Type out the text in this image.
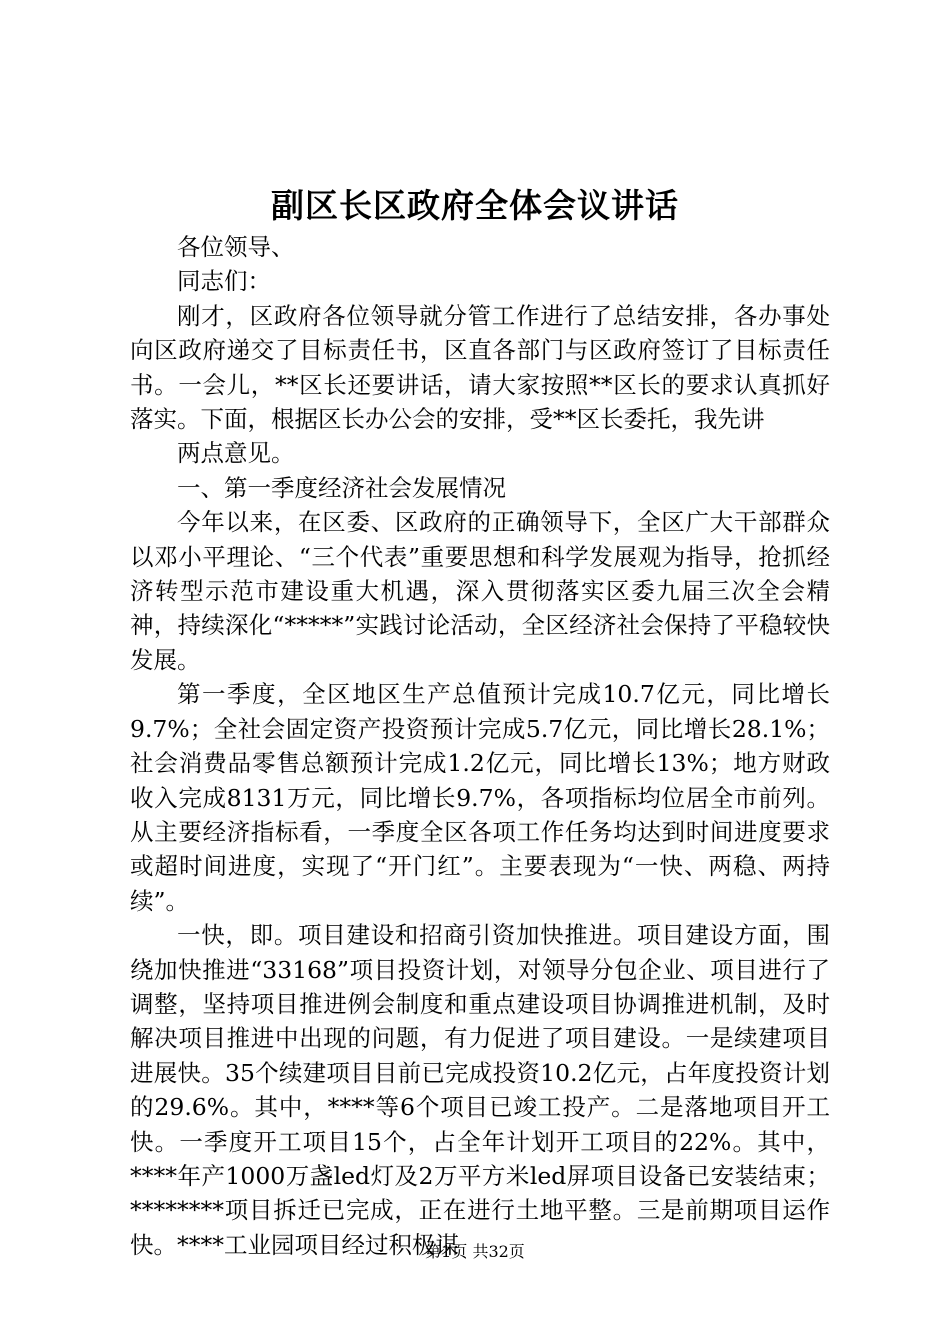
副区长区政府全体会议讲话

各位领导、

同志们：

刚才，区政府各位领导就分管工作进行了总结安排，各办事处向区政府递交了目标责任书，区直各部门与区政府签订了目标责任书。一会儿，**区长还要讲话，请大家按照**区长的要求认真抓好落实。下面，根据区长办公会的安排，受**区长委托，我先讲

两点意见。

一、第一季度经济社会发展情况

今年以来，在区委、区政府的正确领导下，全区广大干部群众以邓小平理论、“三个代表”重要思想和科学发展观为指导，抢抓经济转型示范市建设重大机遇，深入贯彻落实区委九届三次全会精神，持续深化“*****”实践讨论活动，全区经济社会保持了平稳较快发展。

第一季度，全区地区生产总值预计完成10.7亿元，同比增长9.7%；全社会固定资产投资预计完成5.7亿元，同比增长28.1%；社会消费品零售总额预计完成1.2亿元，同比增长13%；地方财政收入完成8131万元，同比增长9.7%，各项指标均位居全市前列。从主要经济指标看，一季度全区各项工作任务均达到时间进度要求或超时间进度，实现了“开门红”。主要表现为“一快、两稳、两持续”。

一快，即。项目建设和招商引资加快推进。项目建设方面，围绕加快推进“33168”项目投资计划，对领导分包企业、项目进行了调整，坚持项目推进例会制度和重点建设项目协调推进机制，及时解决项目推进中出现的问题，有力促进了项目建设。一是续建项目进展快。35个续建项目目前已完成投资10.2亿元，占年度投资计划的29.6%。其中，****等6个项目已竣工投产。二是落地项目开工快。一季度开工项目15个，占全年计划开工项目的22%。其中，****年产1000万盏led灯及2万平方米led屏项目设备已安装结束；********项目拆迁已完成，正在进行土地平整。三是前期项目运作快。****工业园项目经过积极谋

第1页 共32页
